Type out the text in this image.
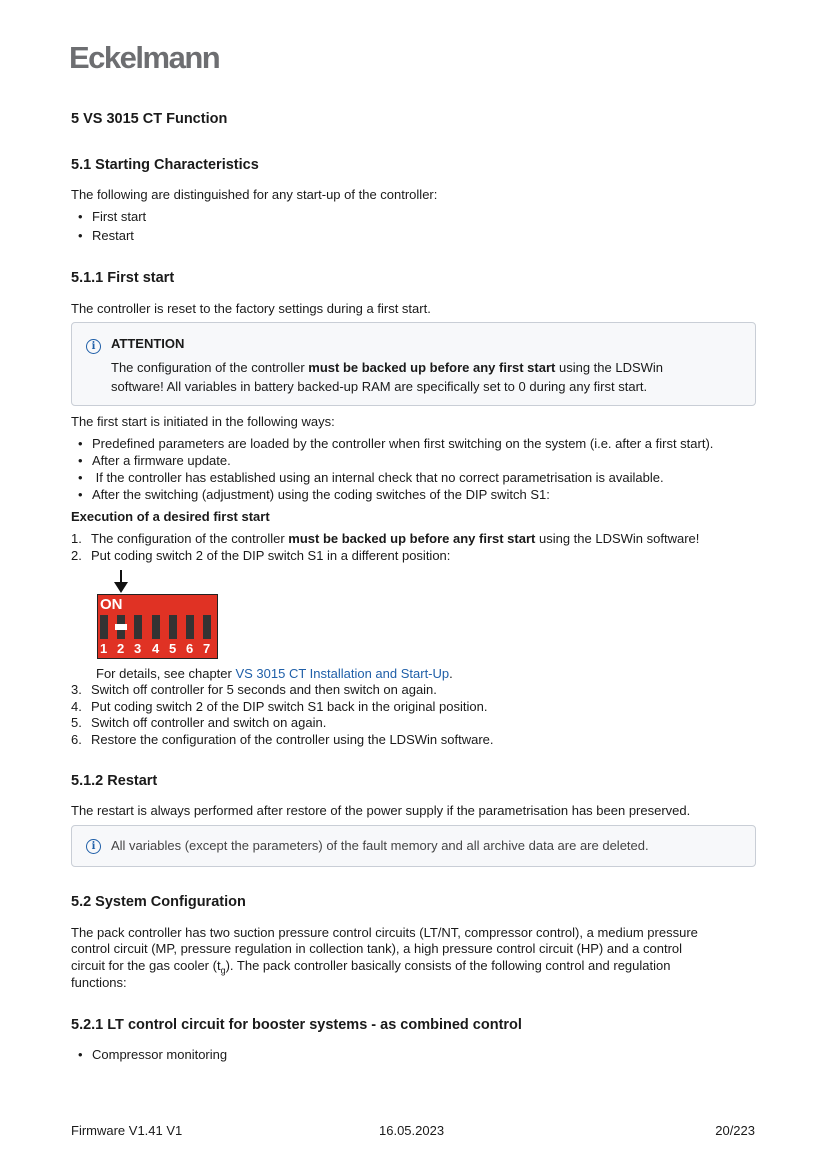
Eckelmann
5 VS 3015 CT Function
5.1 Starting Characteristics
The following are distinguished for any start-up of the controller:
• First start
• Restart
5.1.1 First start
The controller is reset to the factory settings during a first start.
i	ATTENTION
The configuration of the controller must be backed up before any first start using the LDSWin
software! All variables in battery backed-up RAM are specifically set to 0 during any first start.
The first start is initiated in the following ways:
• Predefined parameters are loaded by the controller when first switching on the system (i.e. after a first start).
• After a firmware update.
• If the controller has established using an internal check that no correct parametrisation is available.
• After the switching (adjustment) using the coding switches of the DIP switch S1:
Execution of a desired first start
1. The configuration of the controller must be backed up before any first start using the LDSWin software!
2. Put coding switch 2 of the DIP switch S1 in a different position:
ON
1 2 3 4 5 6 7
For details, see chapter VS 3015 CT Installation and Start-Up.
3. Switch off controller for 5 seconds and then switch on again.
4. Put coding switch 2 of the DIP switch S1 back in the original position.
5. Switch off controller and switch on again.
6. Restore the configuration of the controller using the LDSWin software.
5.1.2 Restart
The restart is always performed after restore of the power supply if the parametrisation has been preserved.
i	All variables (except the parameters) of the fault memory and all archive data are are deleted.
5.2 System Configuration
The pack controller has two suction pressure control circuits (LT/NT, compressor control), a medium pressure
control circuit (MP, pressure regulation in collection tank), a high pressure control circuit (HP) and a control
circuit for the gas cooler $(t_g)$. The pack controller basically consists of the following control and regulation
functions:
5.2.1 LT control circuit for booster systems - as combined control
• Compressor monitoring
Firmware V1.41 V1	16.05.2023	20/223
